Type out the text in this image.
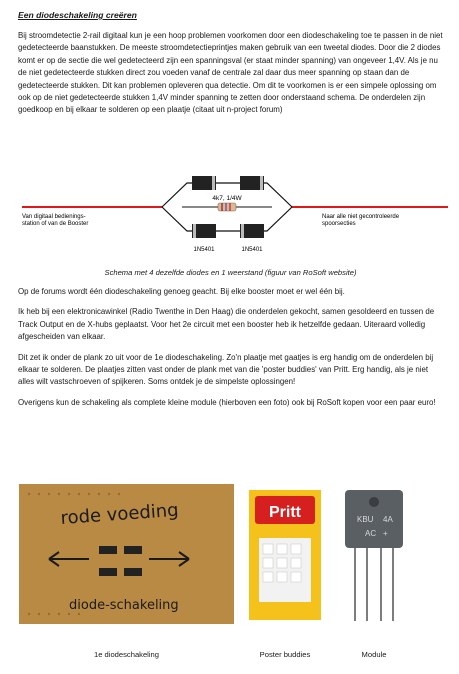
Een diodeschakeling creëren

Bij stroomdetectie 2-rail digitaal kun je een hoop problemen voorkomen door een diodeschakeling toe te passen in de niet gedetecteerde baanstukken. De meeste stroomdetectieprintjes maken gebruik van een tweetal diodes. Door die 2 diodes komt er op de sectie die wel gedetecteerd zijn een spanningsval (er staat minder spanning) van ongeveer 1,4V. Als je nu de niet gedetecteerde stukken direct zou voeden vanaf de centrale zal daar dus meer spanning op staan dan de gedetecteerde stukken. Dit kan problemen opleveren qua detectie. Om dit te voorkomen is er een simpele oplossing om ook op de niet gedetecteerde stukken 1,4V minder spanning te zetten door onderstaand schema. De onderdelen zijn goedkoop en bij elkaar te solderen op een plaatje (citaat uit n-project forum)

4k7, 1/4W
Van digitaal bedienings-
station of van de Booster
Naar alle niet gecontroleerde
spoorsecties
1N5401	1N5401
Schema met 4 dezelfde diodes en 1 weerstand (figuur van RoSoft website)

Op de forums wordt één diodeschakeling genoeg geacht. Bij elke booster moet er wel één bij.

Ik heb bij een elektronicawinkel (Radio Twenthe in Den Haag) die onderdelen gekocht, samen gesoldeerd en tussen de Track Output en de X-hubs geplaatst. Voor het 2e circuit met een booster heb ik hetzelfde gedaan. Uiteraard volledig afgescheiden van elkaar.

Dit zet ik onder de plank zo uit voor de 1e diodeschakeling. Zo'n plaatje met gaatjes is erg handig om de onderdelen bij elkaar te solderen. De plaatjes zitten vast onder de plank met van die 'poster buddies' van Pritt. Erg handig, als je niet alles wilt vastschroeven of spijkeren. Soms ontdek je de simpelste oplossingen!

Overigens kun de schakeling als complete kleine module (hierboven een foto) ook bij RoSoft kopen voor een paar euro!

rode voeding
diode-schakeling
1e diodeschakeling
Pritt
Poster buddies
KBU 4A
AC +
Module
